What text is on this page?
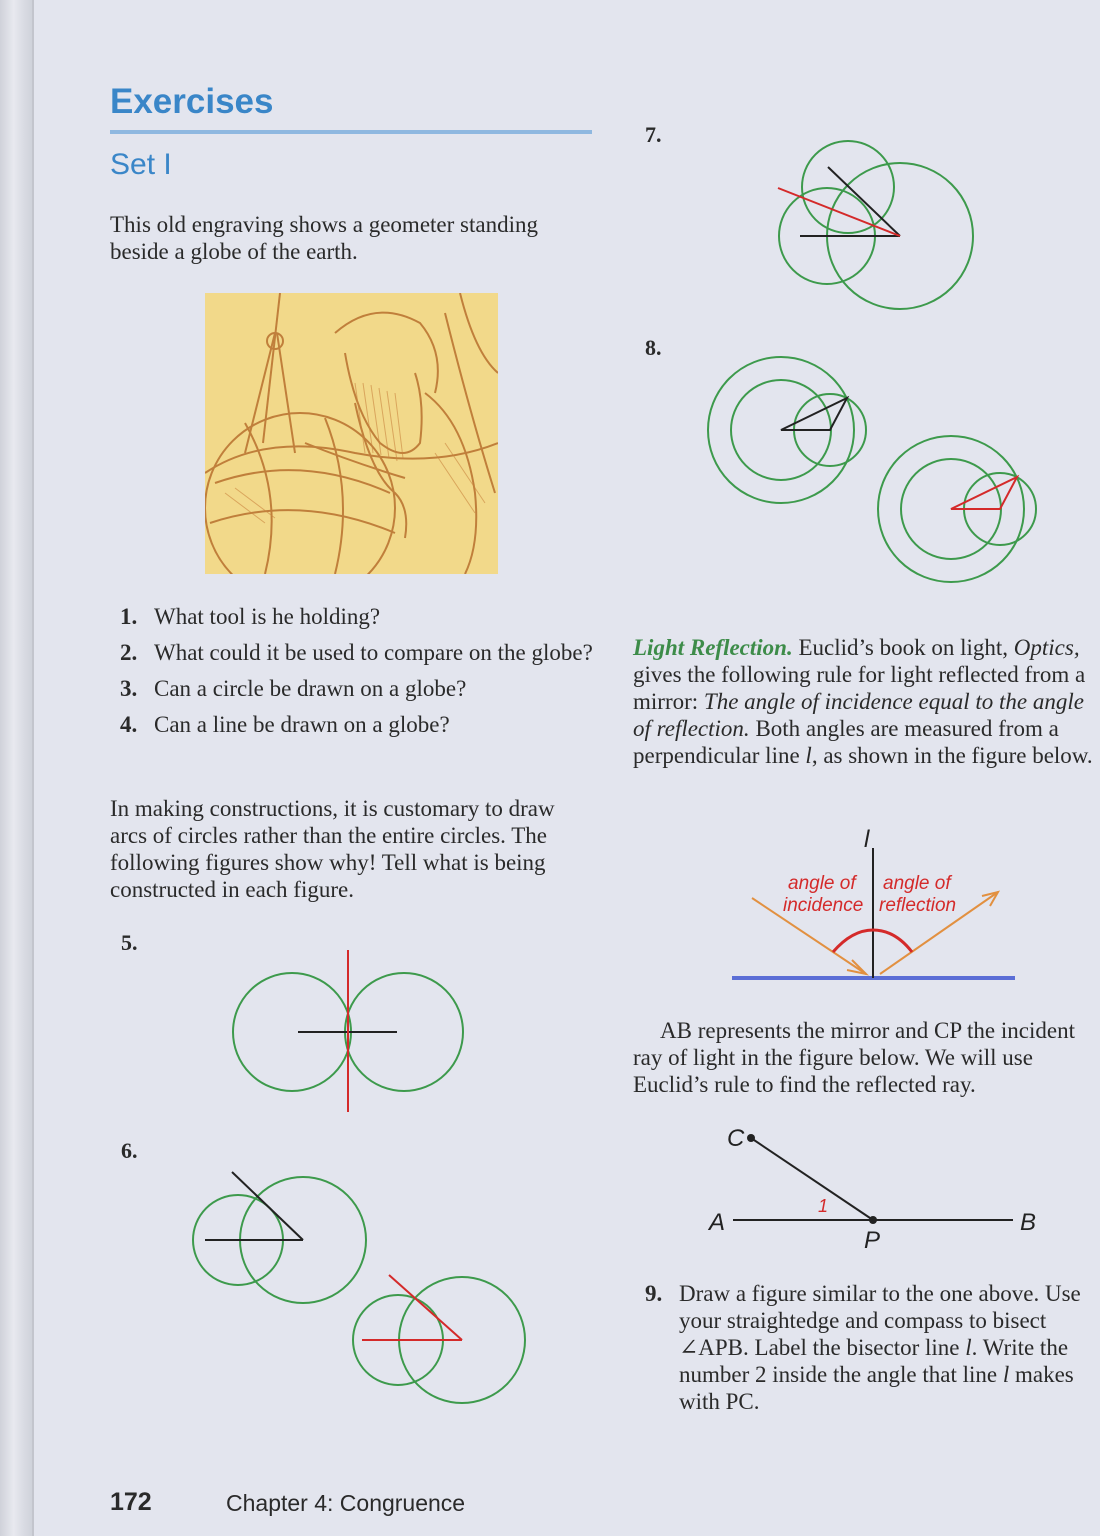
Exercises
Set I
This old engraving shows a geometer standing beside a globe of the earth.
1. What tool is he holding?
2. What could it be used to compare on the globe?
3. Can a circle be drawn on a globe?
4. Can a line be drawn on a globe?
In making constructions, it is customary to draw arcs of circles rather than the entire circles. The following figures show why! Tell what is being constructed in each figure.
5.
6.
7.
8.
l
angle of
incidence
angle of
reflection
C
A	B
P
1
Light Reflection. Euclid’s book on light, Optics, gives the following rule for light reflected from a mirror: The angle of incidence equal to the angle of reflection. Both angles are measured from a perpendicular line l, as shown in the figure below.
AB represents the mirror and CP the incident ray of light in the figure below. We will use Euclid’s rule to find the reflected ray.
9. Draw a figure similar to the one above. Use your straightedge and compass to bisect ∠APB. Label the bisector line l. Write the number 2 inside the angle that line l makes with PC.
172	Chapter 4: Congruence
